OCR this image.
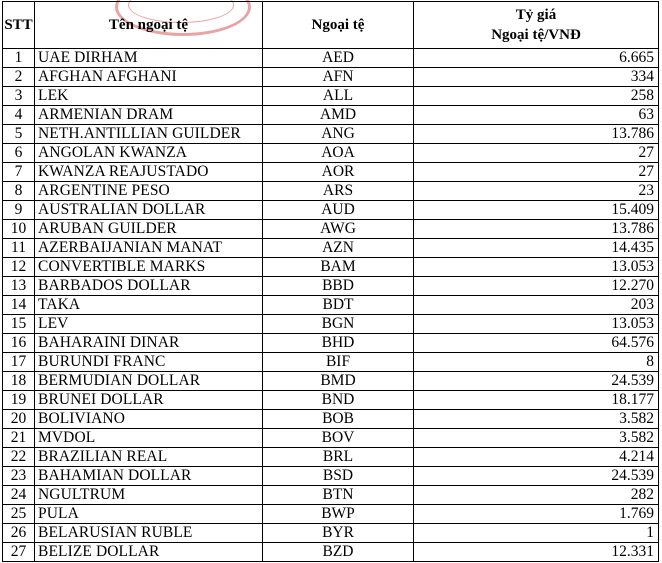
STT	Tên ngoại tệ	Ngoại tệ	Tỷ giá
Ngoại tệ/VNĐ

1	UAE DIRHAM	AED	6.665
2	AFGHAN AFGHANI	AFN	334
3	LEK	ALL	258
4	ARMENIAN DRAM	AMD	63
5	NETH.ANTILLIAN GUILDER	ANG	13.786
6	ANGOLAN KWANZA	AOA	27
7	KWANZA REAJUSTADO	AOR	27
8	ARGENTINE PESO	ARS	23
9	AUSTRALIAN DOLLAR	AUD	15.409
10	ARUBAN GUILDER	AWG	13.786
11	AZERBAIJANIAN MANAT	AZN	14.435
12	CONVERTIBLE MARKS	BAM	13.053
13	BARBADOS DOLLAR	BBD	12.270
14	TAKA	BDT	203
15	LEV	BGN	13.053
16	BAHARAINI DINAR	BHD	64.576
17	BURUNDI FRANC	BIF	8
18	BERMUDIAN DOLLAR	BMD	24.539
19	BRUNEI DOLLAR	BND	18.177
20	BOLIVIANO	BOB	3.582
21	MVDOL	BOV	3.582
22	BRAZILIAN REAL	BRL	4.214
23	BAHAMIAN DOLLAR	BSD	24.539
24	NGULTRUM	BTN	282
25	PULA	BWP	1.769
26	BELARUSIAN RUBLE	BYR	1
27	BELIZE DOLLAR	BZD	12.331
